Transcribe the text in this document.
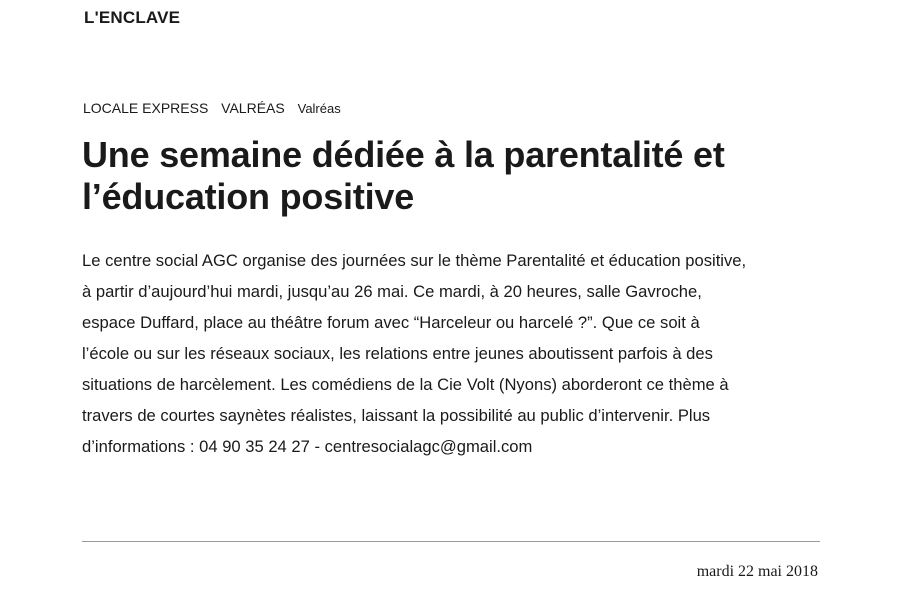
L'ENCLAVE
LOCALE EXPRESS VALRÉAS Valréas
Une semaine dédiée à la parentalité et
l’éducation positive

Le centre social AGC organise des journées sur le thème Parentalité et éducation positive,
à partir d’aujourd’hui mardi, jusqu’au 26 mai. Ce mardi, à 20 heures, salle Gavroche,
espace Duffard, place au théâtre forum avec “Harceleur ou harcelé ?”. Que ce soit à
l’école ou sur les réseaux sociaux, les relations entre jeunes aboutissent parfois à des
situations de harcèlement. Les comédiens de la Cie Volt (Nyons) aborderont ce thème à
travers de courtes saynètes réalistes, laissant la possibilité au public d’intervenir. Plus
d’informations : 04 90 35 24 27 - centresocialagc@gmail.com

mardi 22 mai 2018
